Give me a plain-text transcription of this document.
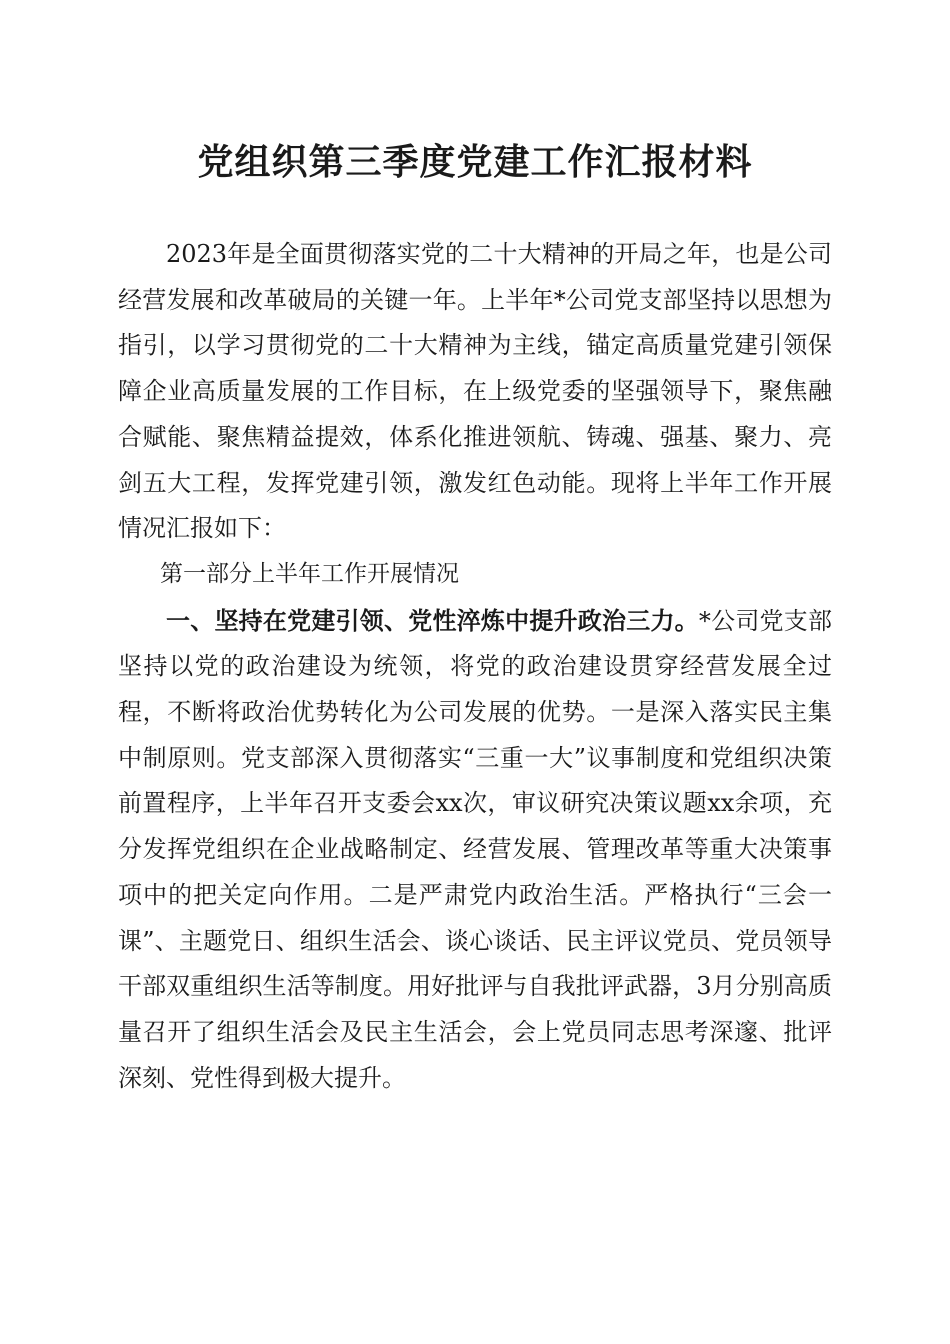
党组织第三季度党建工作汇报材料

2023年是全面贯彻落实党的二十大精神的开局之年，也是公司经营发展和改革破局的关键一年。上半年*公司党支部坚持以思想为指引，以学习贯彻党的二十大精神为主线，锚定高质量党建引领保障企业高质量发展的工作目标，在上级党委的坚强领导下，聚焦融合赋能、聚焦精益提效，体系化推进领航、铸魂、强基、聚力、亮剑五大工程，发挥党建引领，激发红色动能。现将上半年工作开展情况汇报如下：

第一部分上半年工作开展情况

一、坚持在党建引领、党性淬炼中提升政治三力。*公司党支部坚持以党的政治建设为统领，将党的政治建设贯穿经营发展全过程，不断将政治优势转化为公司发展的优势。一是深入落实民主集中制原则。党支部深入贯彻落实“三重一大”议事制度和党组织决策前置程序，上半年召开支委会xx次，审议研究决策议题xx余项，充分发挥党组织在企业战略制定、经营发展、管理改革等重大决策事项中的把关定向作用。二是严肃党内政治生活。严格执行“三会一课”、主题党日、组织生活会、谈心谈话、民主评议党员、党员领导干部双重组织生活等制度。用好批评与自我批评武器，3月分别高质量召开了组织生活会及民主生活会，会上党员同志思考深邃、批评深刻、党性得到极大提升。
